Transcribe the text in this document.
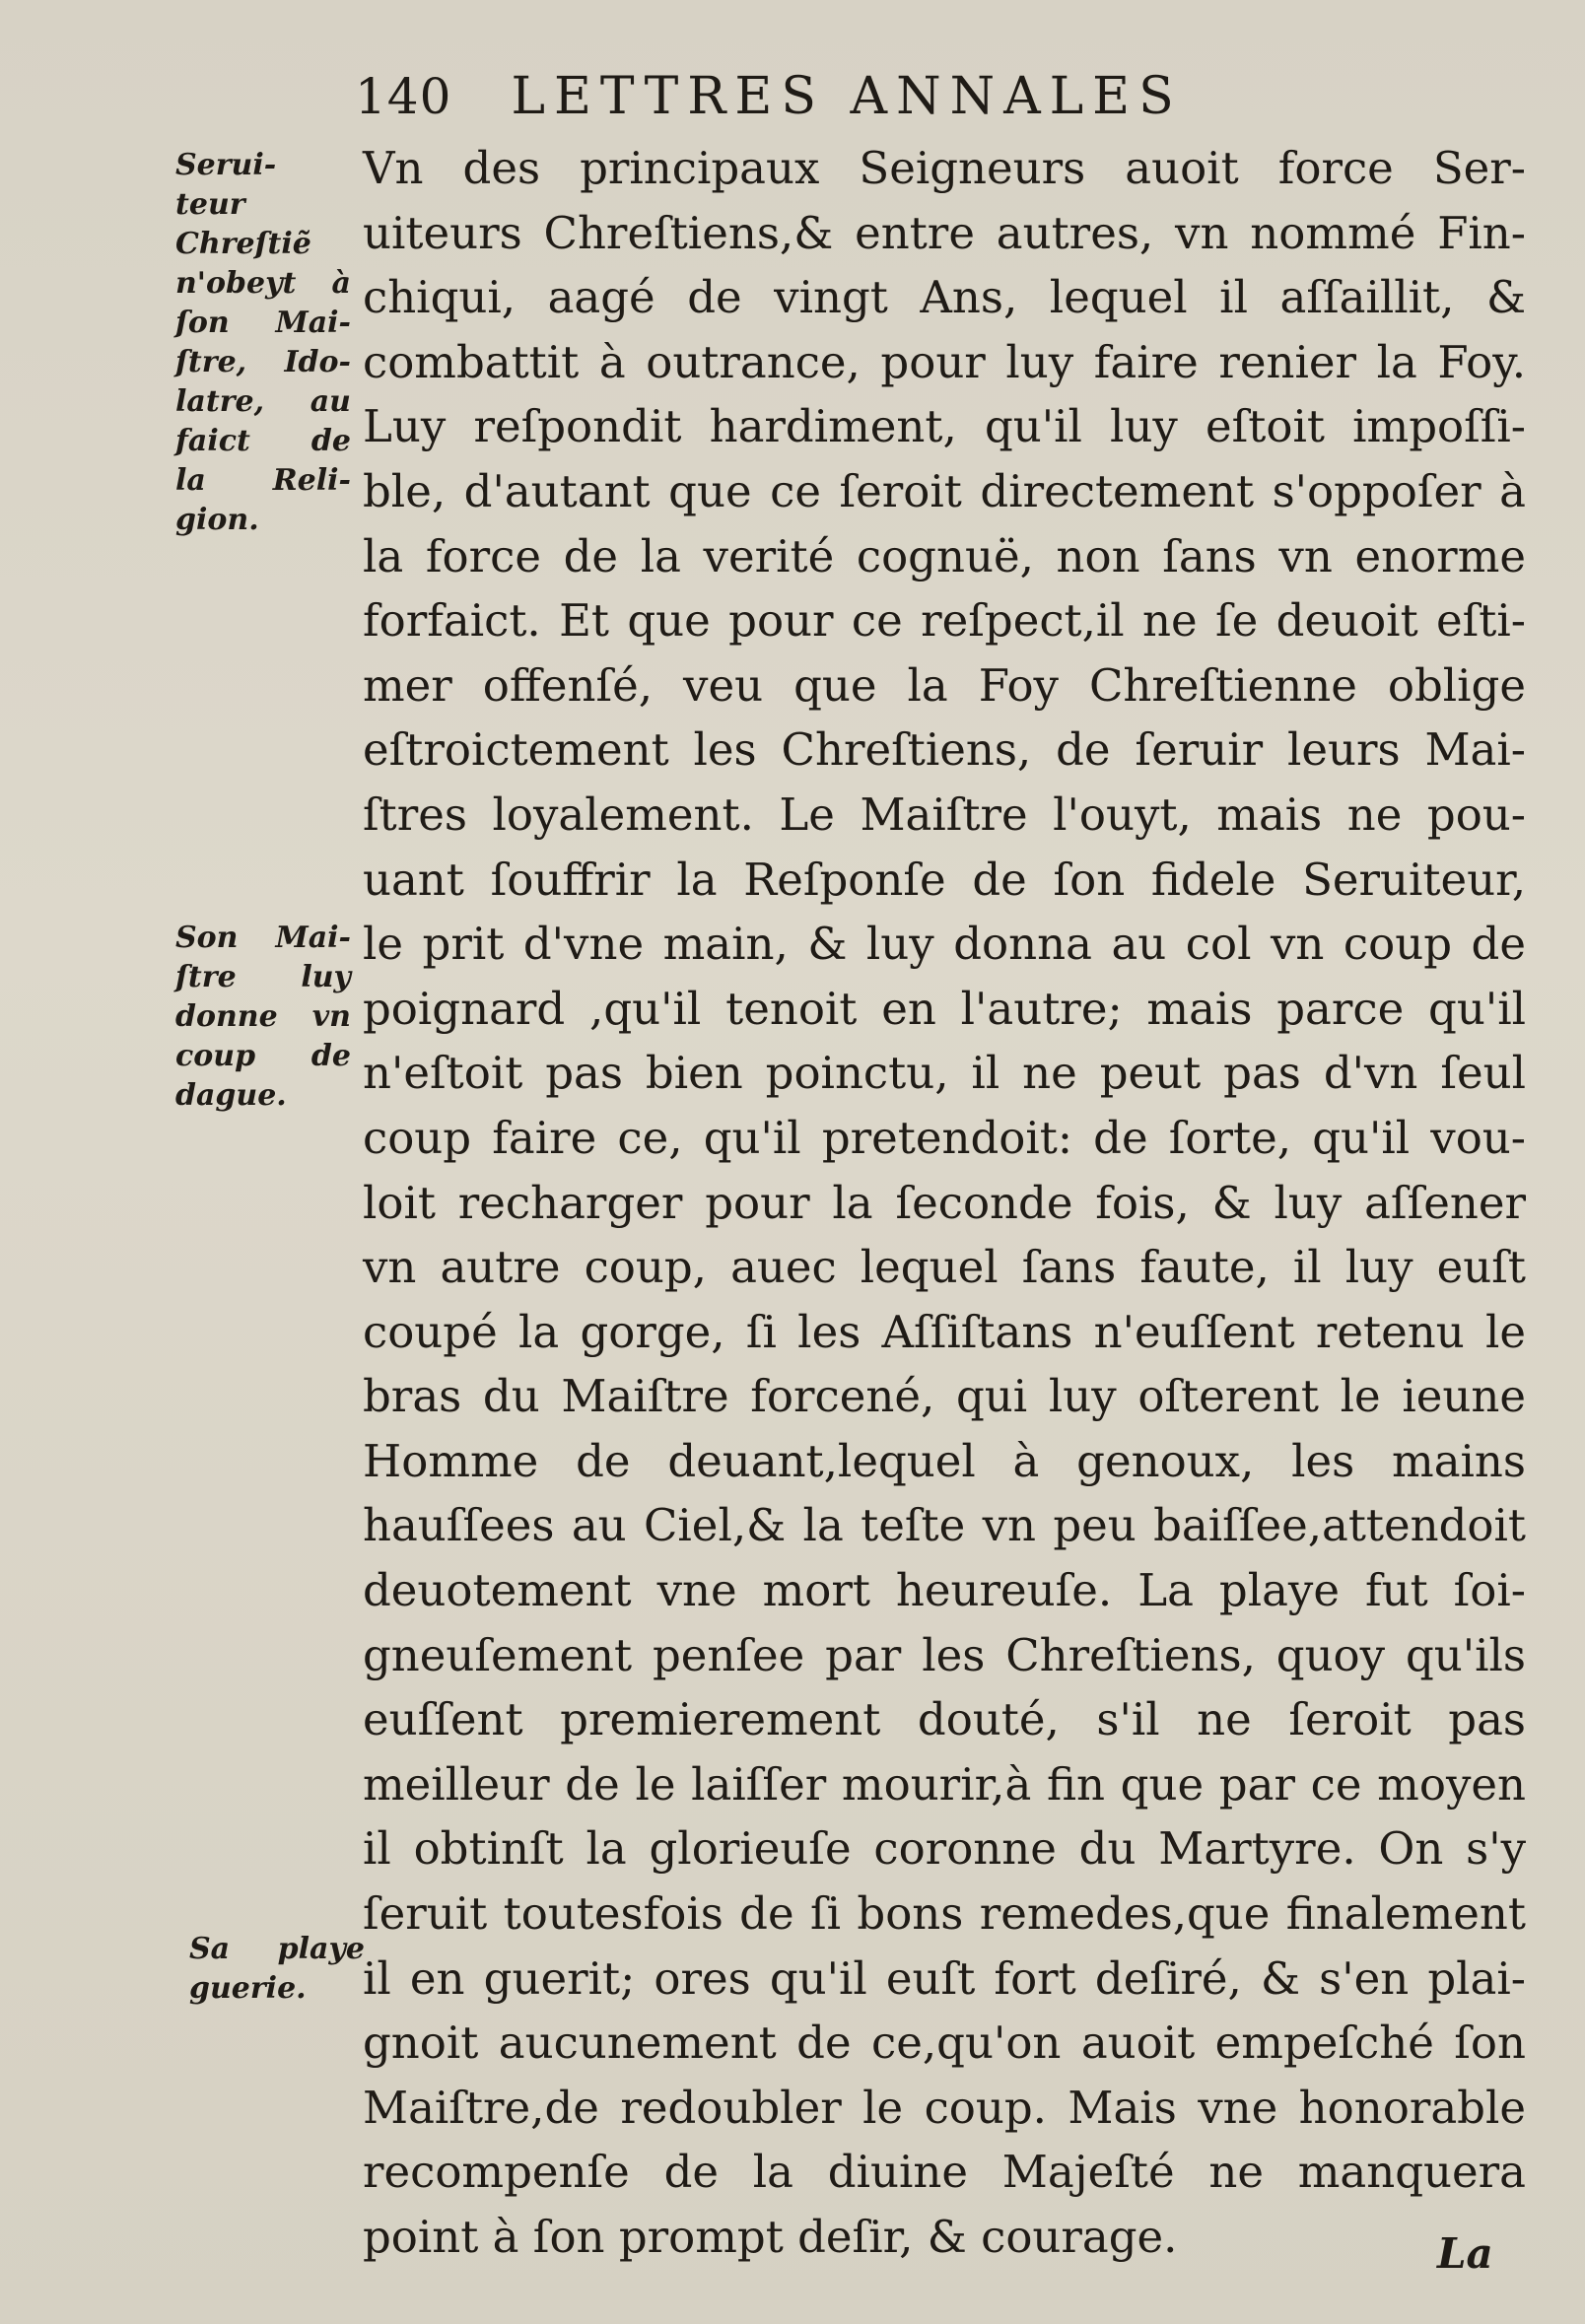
140 LETTRES ANNALES
Vn des principaux Seigneurs auoit force Ser-
uiteurs Chreſtiens,& entre autres, vn nommé Fin-
chiqui, aagé de vingt Ans, lequel il aſſaillit, &
combattit à outrance, pour luy faire renier la Foy.
Luy reſpondit hardiment, qu'il luy eſtoit impoſſi-
ble, d'autant que ce ſeroit directement s'oppoſer à
la force de la verité cognuë, non ſans vn enorme
forfaict. Et que pour ce reſpect,il ne ſe deuoit eſti-
mer offenſé, veu que la Foy Chreſtienne oblige
eſtroictement les Chreſtiens, de ſeruir leurs Mai-
ſtres loyalement. Le Maiſtre l'ouyt, mais ne pou-
uant ſouffrir la Reſponſe de ſon fidele Seruiteur,
le prit d'vne main, & luy donna au col vn coup de
poignard ,qu'il tenoit en l'autre; mais parce qu'il
n'eſtoit pas bien poinctu, il ne peut pas d'vn ſeul
coup faire ce, qu'il pretendoit: de ſorte, qu'il vou-
loit recharger pour la ſeconde fois, & luy aſſener
vn autre coup, auec lequel ſans faute, il luy euſt
coupé la gorge, ſi les Aſſiſtans n'euſſent retenu le
bras du Maiſtre forcené, qui luy oſterent le ieune
Homme de deuant,lequel à genoux, les mains
hauſſees au Ciel,& la teſte vn peu baiſſee,attendoit
deuotement vne mort heureuſe. La playe fut ſoi-
gneuſement penſee par les Chreſtiens, quoy qu'ils
euſſent premierement douté, s'il ne ſeroit pas
meilleur de le laiſſer mourir,à fin que par ce moyen
il obtinſt la glorieuſe coronne du Martyre. On s'y
ſeruit toutesfois de ſi bons remedes,que finalement
il en guerit; ores qu'il euſt fort deſiré, & s'en plai-
gnoit aucunement de ce,qu'on auoit empeſché ſon
Maiſtre,de redoubler le coup. Mais vne honorable
recompenſe de la diuine Majeſté ne manquera
point à ſon prompt deſir, & courage.
Serui-
teur
Chreſtiẽ
n'obeyt à
ſon Mai-
ſtre, Ido-
latre, au
faict de
la Reli-
gion.
Son Mai-
ſtre luy
donne vn
coup de
dague.
Sa playe
guerie.
La
